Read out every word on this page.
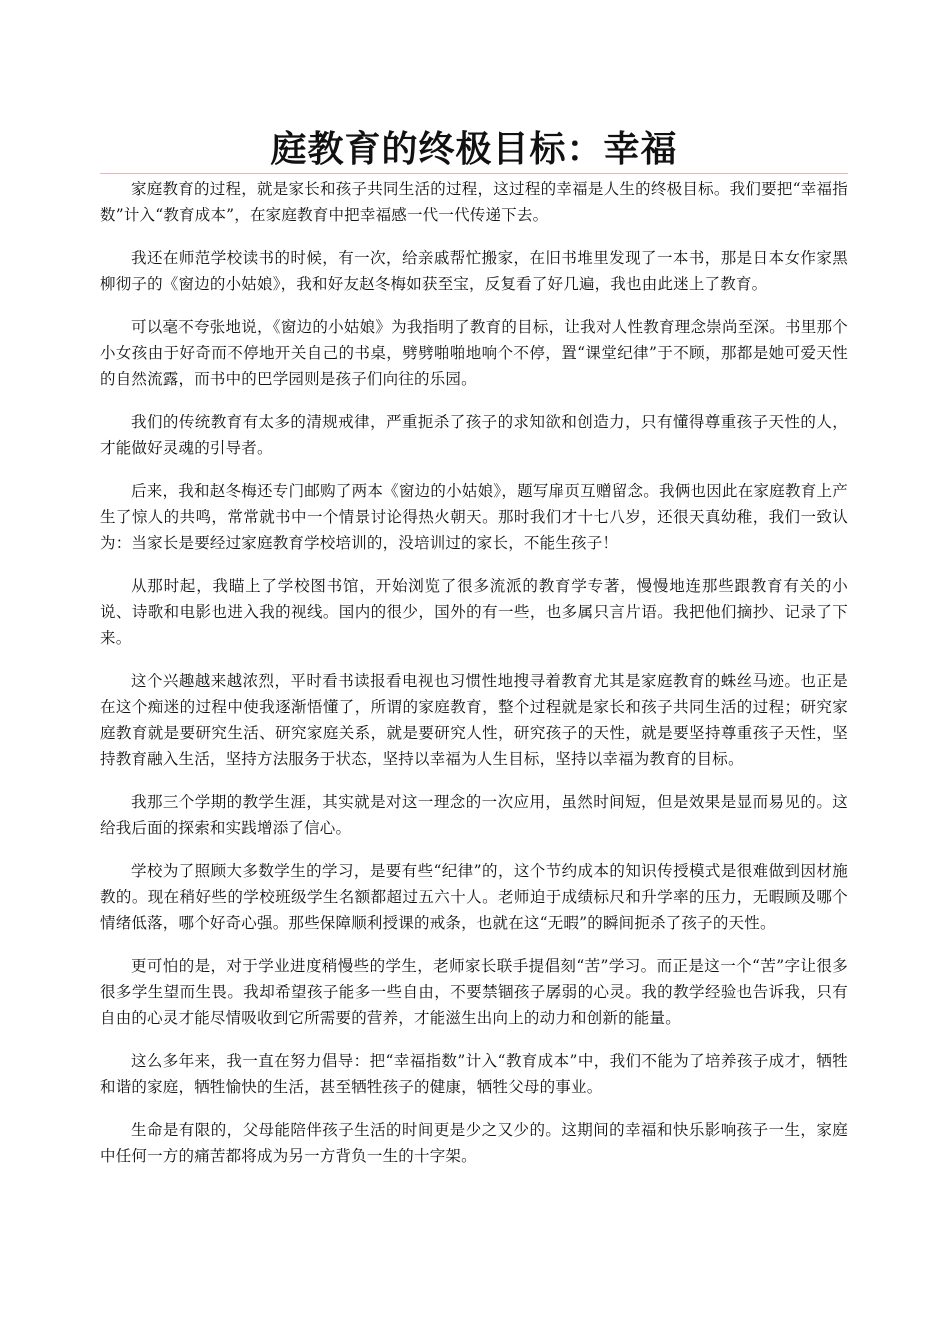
庭教育的终极目标：幸福

家庭教育的过程，就是家长和孩子共同生活的过程，这过程的幸福是人生的终极目标。我们要把“幸福指数”计入“教育成本”，在家庭教育中把幸福感一代一代传递下去。

我还在师范学校读书的时候，有一次，给亲戚帮忙搬家，在旧书堆里发现了一本书，那是日本女作家黑柳彻子的《窗边的小姑娘》，我和好友赵冬梅如获至宝，反复看了好几遍，我也由此迷上了教育。

可以毫不夸张地说，《窗边的小姑娘》为我指明了教育的目标，让我对人性教育理念崇尚至深。书里那个小女孩由于好奇而不停地开关自己的书桌，劈劈啪啪地响个不停，置“课堂纪律”于不顾，那都是她可爱天性的自然流露，而书中的巴学园则是孩子们向往的乐园。

我们的传统教育有太多的清规戒律，严重扼杀了孩子的求知欲和创造力，只有懂得尊重孩子天性的人，才能做好灵魂的引导者。

后来，我和赵冬梅还专门邮购了两本《窗边的小姑娘》，题写扉页互赠留念。我俩也因此在家庭教育上产生了惊人的共鸣，常常就书中一个情景讨论得热火朝天。那时我们才十七八岁，还很天真幼稚，我们一致认为：当家长是要经过家庭教育学校培训的，没培训过的家长，不能生孩子！

从那时起，我瞄上了学校图书馆，开始浏览了很多流派的教育学专著，慢慢地连那些跟教育有关的小说、诗歌和电影也进入我的视线。国内的很少，国外的有一些，也多属只言片语。我把他们摘抄、记录了下来。

这个兴趣越来越浓烈，平时看书读报看电视也习惯性地搜寻着教育尤其是家庭教育的蛛丝马迹。也正是在这个痴迷的过程中使我逐渐悟懂了，所谓的家庭教育，整个过程就是家长和孩子共同生活的过程；研究家庭教育就是要研究生活、研究家庭关系，就是要研究人性，研究孩子的天性，就是要坚持尊重孩子天性，坚持教育融入生活，坚持方法服务于状态，坚持以幸福为人生目标，坚持以幸福为教育的目标。

我那三个学期的教学生涯，其实就是对这一理念的一次应用，虽然时间短，但是效果是显而易见的。这给我后面的探索和实践增添了信心。

学校为了照顾大多数学生的学习，是要有些“纪律”的，这个节约成本的知识传授模式是很难做到因材施教的。现在稍好些的学校班级学生名额都超过五六十人。老师迫于成绩标尺和升学率的压力，无暇顾及哪个情绪低落，哪个好奇心强。那些保障顺利授课的戒条，也就在这“无暇”的瞬间扼杀了孩子的天性。

更可怕的是，对于学业进度稍慢些的学生，老师家长联手提倡刻“苦”学习。而正是这一个“苦”字让很多很多学生望而生畏。我却希望孩子能多一些自由，不要禁锢孩子孱弱的心灵。我的教学经验也告诉我，只有自由的心灵才能尽情吸收到它所需要的营养，才能滋生出向上的动力和创新的能量。

这么多年来，我一直在努力倡导：把“幸福指数”计入“教育成本”中，我们不能为了培养孩子成才，牺牲和谐的家庭，牺牲愉快的生活，甚至牺牲孩子的健康，牺牲父母的事业。

生命是有限的，父母能陪伴孩子生活的时间更是少之又少的。这期间的幸福和快乐影响孩子一生，家庭中任何一方的痛苦都将成为另一方背负一生的十字架。
